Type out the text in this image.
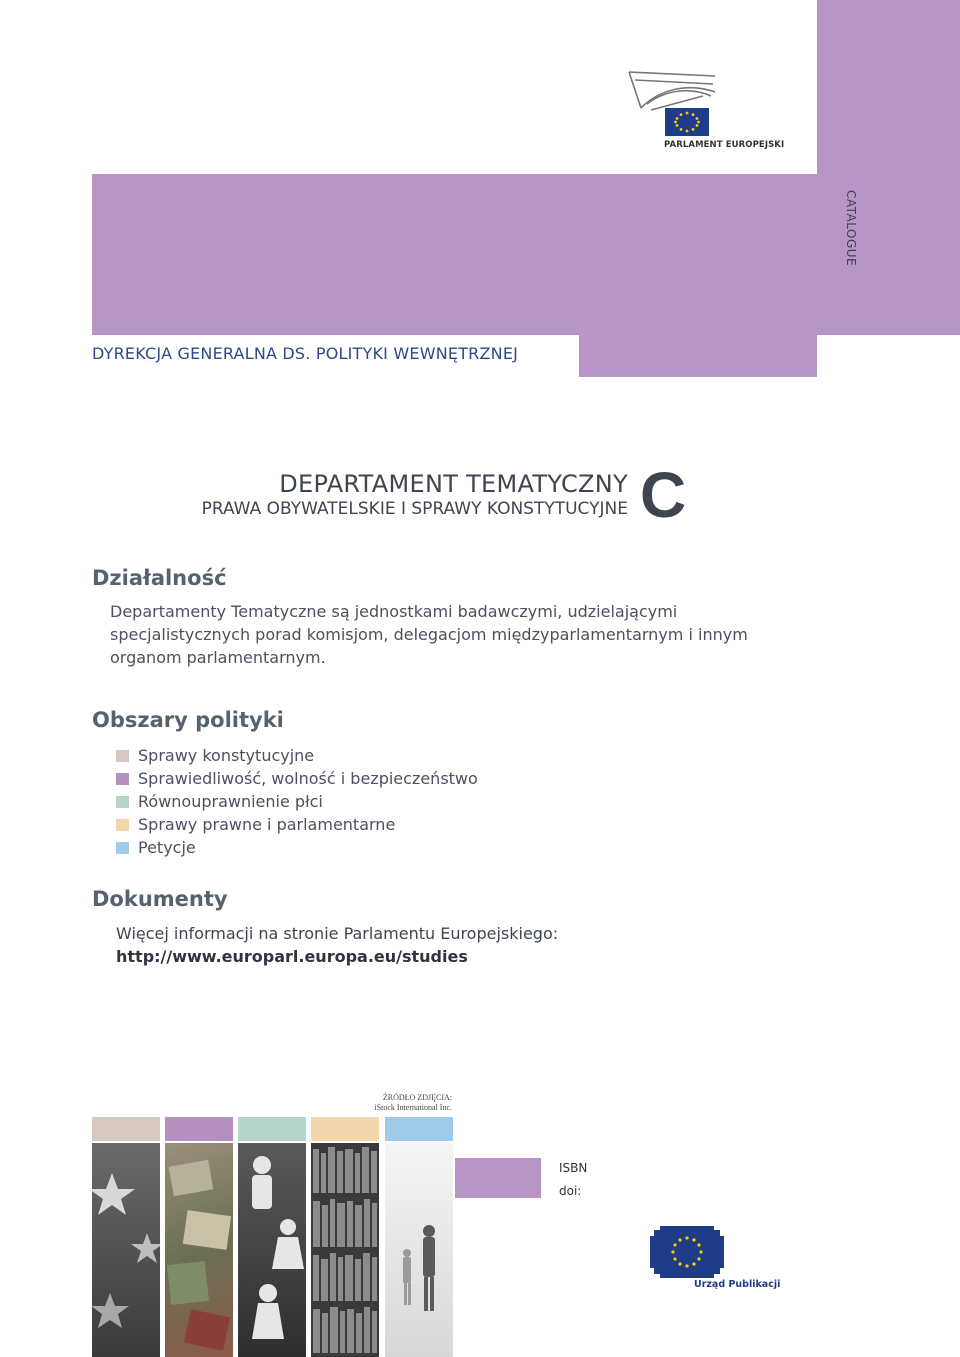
CATALOGUE
PARLAMENT EUROPEJSKI
DYREKCJA GENERALNA DS. POLITYKI WEWNĘTRZNEJ
DEPARTAMENT TEMATYCZNY
PRAWA OBYWATELSKIE I SPRAWY KONSTYTUCYJNE C
Działalność
Departamenty Tematyczne są jednostkami badawczymi, udzielającymi specjalistycznych porad komisjom, delegacjom międzyparlamentarnym i innym organom parlamentarnym.
Obszary polityki
Sprawy konstytucyjne
Sprawiedliwość, wolność i bezpieczeństwo
Równouprawnienie płci
Sprawy prawne i parlamentarne
Petycje
Dokumenty
Więcej informacji na stronie Parlamentu Europejskiego:
http://www.europarl.europa.eu/studies
ŹRÓDŁO ZDJĘCIA:
iStock International Inc.
ISBN
doi:
Urząd Publikacji
